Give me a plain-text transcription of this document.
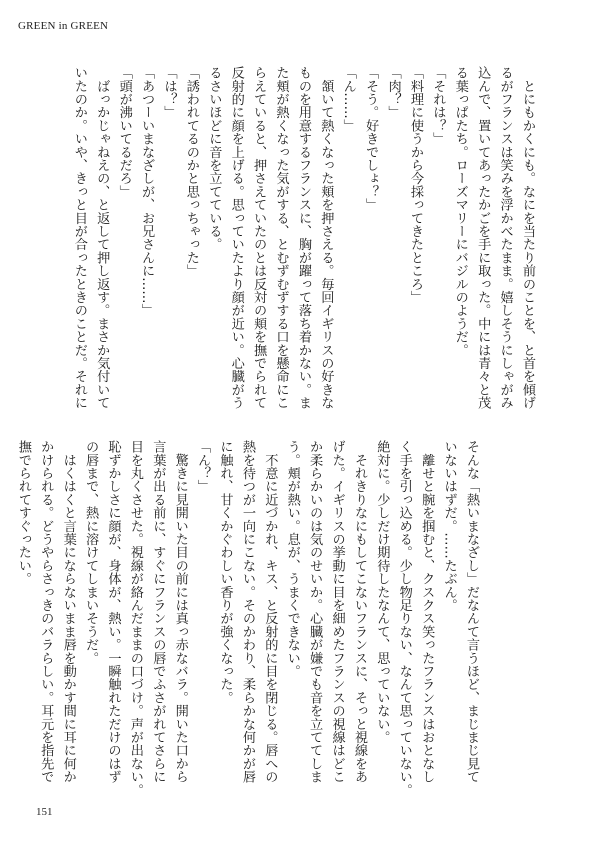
GREEN in GREEN
　とにもかくにも。なにを当たり前のことを、と首を傾げ
るがフランスは笑みを浮かべたまま。嬉しそうにしゃがみ
込んで、置いてあったかごを手に取った。中には青々と茂
る葉っぱたち。ローズマリーにバジルのようだ。
「それは？」
「料理に使うから今採ってきたところ」
「肉？」
「そう。好きでしょ？」
「ん……」
　頷いて熱くなった頬を押さえる。毎回イギリスの好きな
ものを用意するフランスに、胸が躍って落ち着かない。ま
た頬が熱くなった気がする、とむずむずする口を懸命にこ
らえていると、押さえていたのとは反対の頬を撫でられて
反射的に顔を上げる。思っていたより顔が近い。心臓がう
るさいほどに音を立てている。
「誘われてるのかと思っちゃった」
「は？」
「あつーいまなざしが、お兄さんに……」
「頭が沸いてるだろ」
　ばっかじゃねえの、と返して押し返す。まさか気付いて
いたのか。いや、きっと目が合ったときのことだ。それに
そんな「熱いまなざし」だなんて言うほど、まじまじ見て
いないはずだ。……たぶん。
　離せと腕を掴むと、クスクス笑ったフランスはおとなし
く手を引っ込める。少し物足りない、なんて思っていない。
絶対に。少しだけ期待したなんて、思っていない。
　それきりなにもしてこないフランスに、そっと視線をあ
げた。イギリスの挙動に目を細めたフランスの視線はどこ
か柔らかいのは気のせいか。心臓が嫌でも音を立ててしま
う。頬が熱い。息が、うまくできない。
　不意に近づかれ、キス、と反射的に目を閉じる。唇への
熱を待つが一向にこない。そのかわり、柔らかな何かが唇
に触れ、甘くかぐわしい香りが強くなった。
「ん？」
　驚きに見開いた目の前には真っ赤なバラ。開いた口から
言葉が出る前に、すぐにフランスの唇でふさがれてさらに
目を丸くさせた。視線が絡んだままの口づけ。声が出ない。
恥ずかしさに顔が、身体が、熱い。一瞬触れただけのはず
の唇まで、熱に溶けてしまいそうだ。
　はくはくと言葉にならないまま唇を動かす間に耳に何か
かけられる。どうやらさっきのバラらしい。耳元を指先で
撫でられてすぐったい。
151
